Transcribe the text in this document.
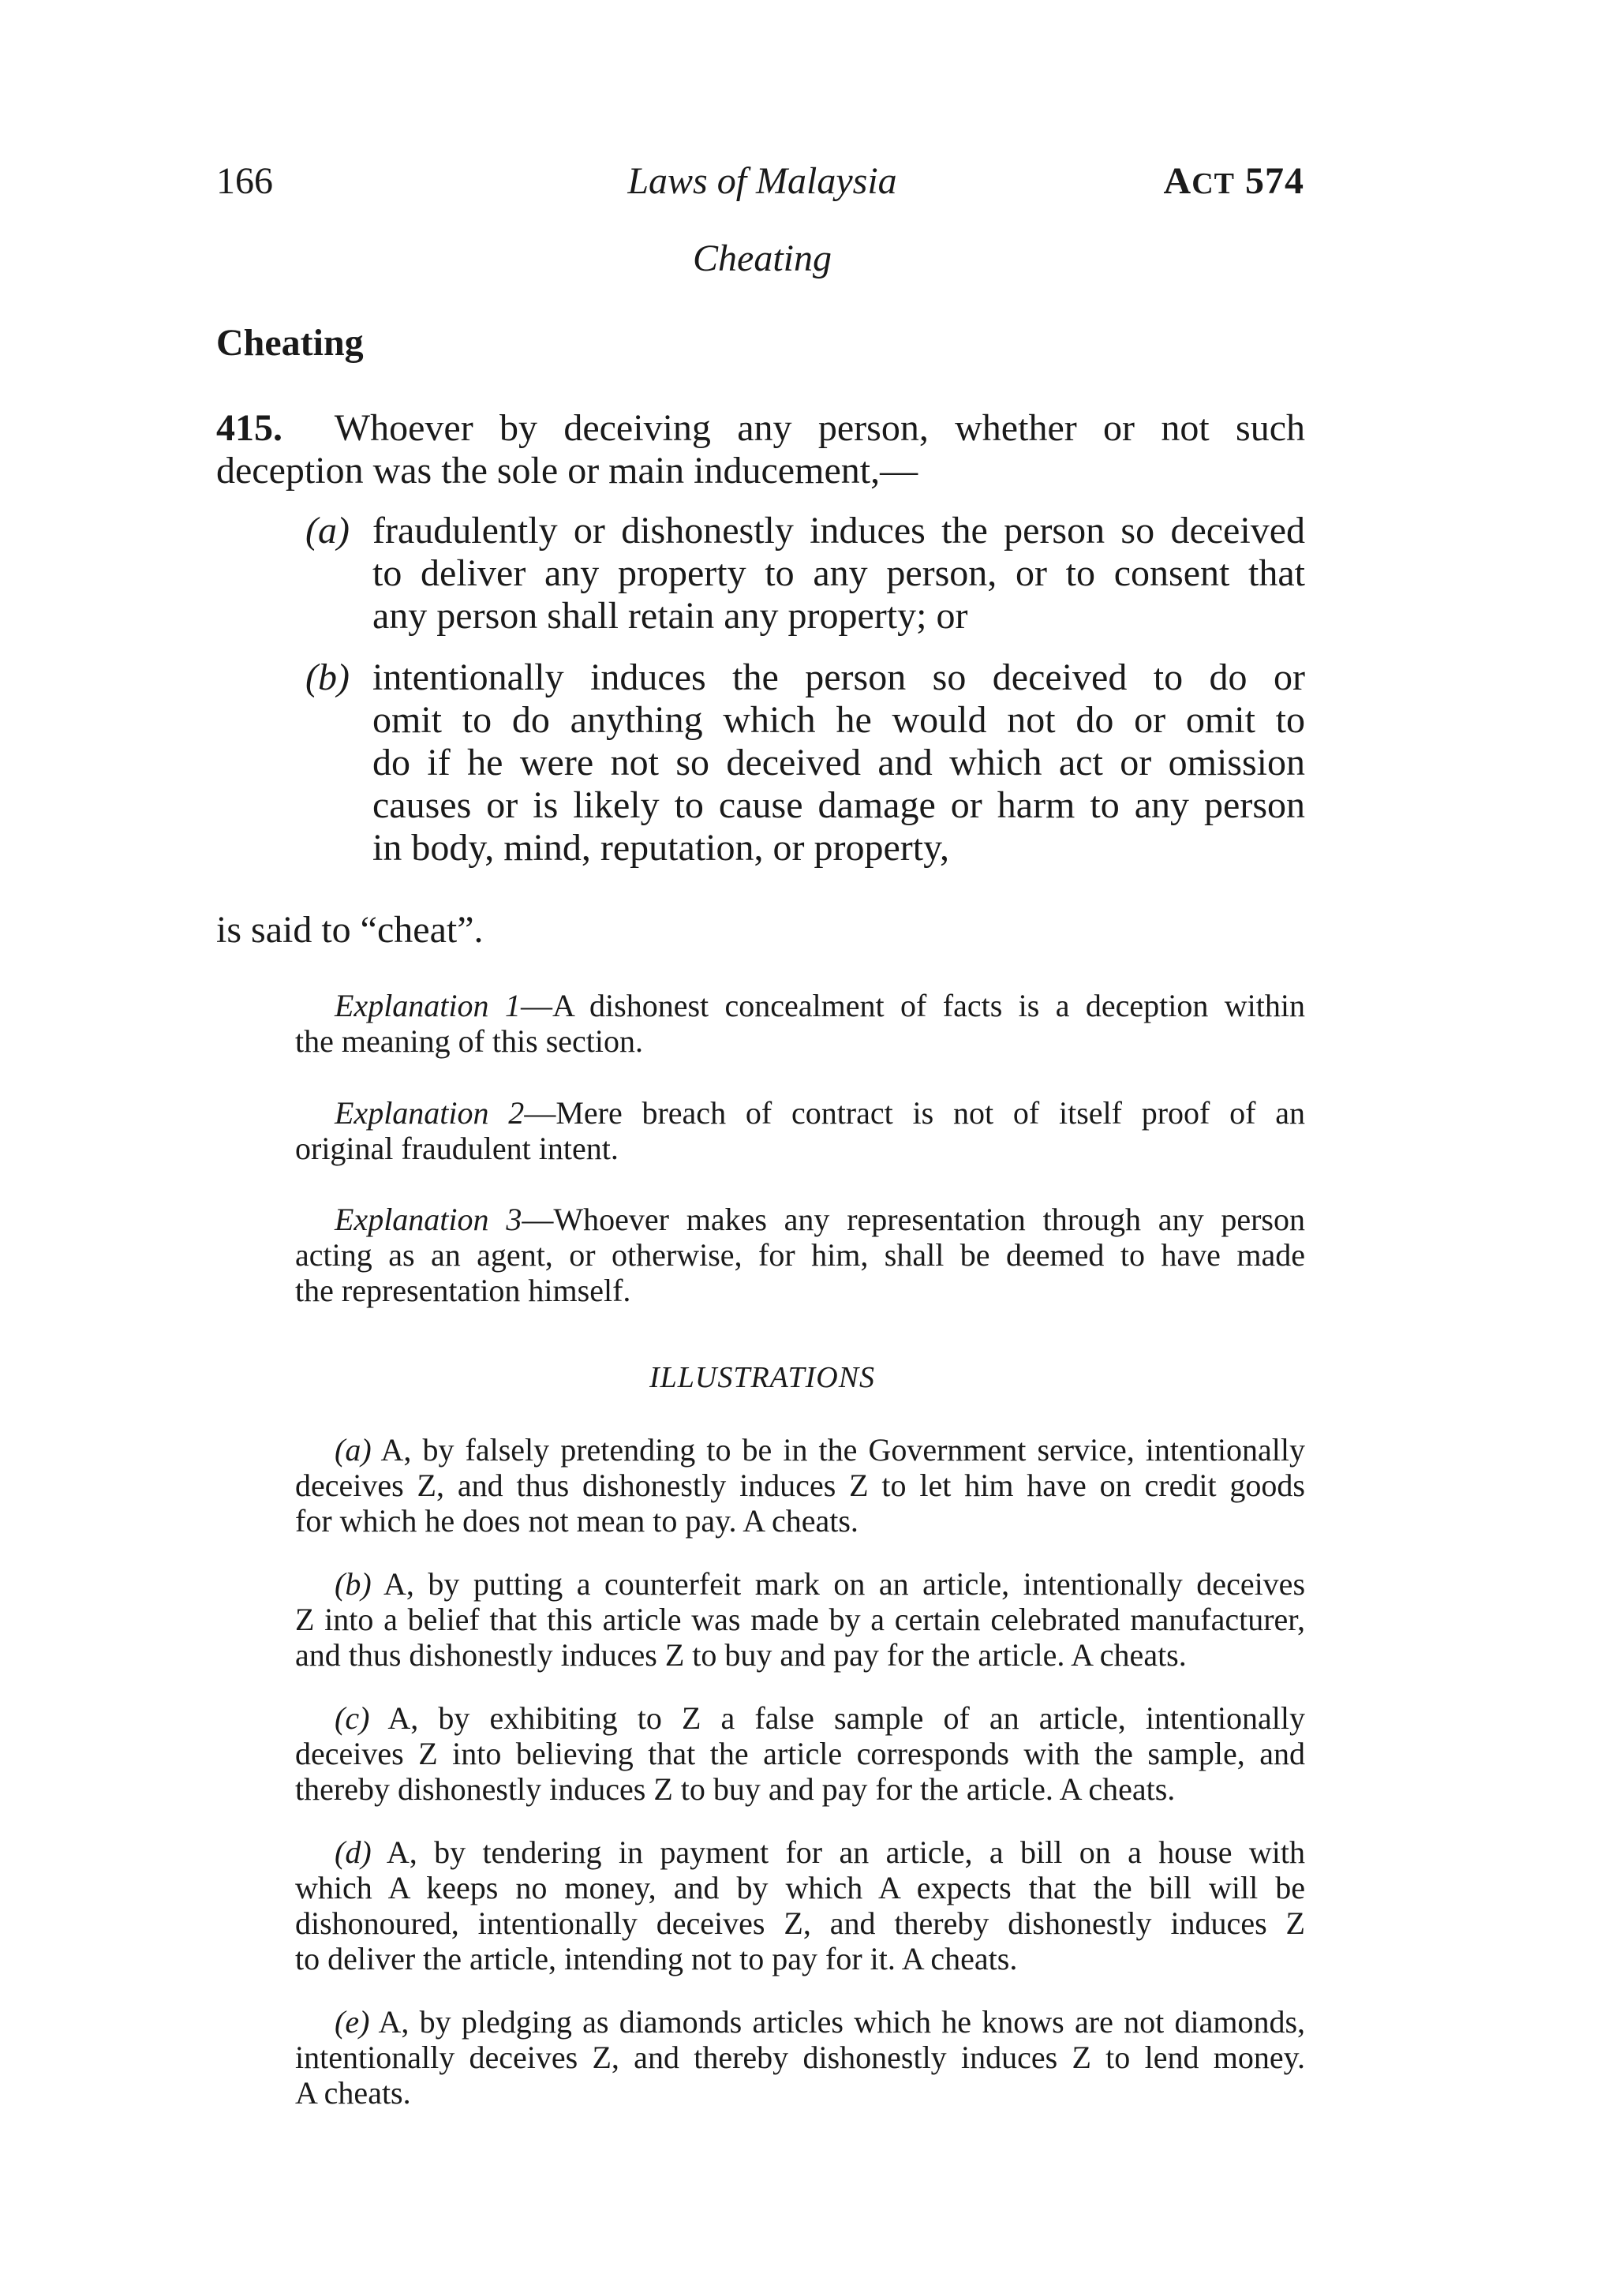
166	Laws of Malaysia	ACT 574
Cheating
Cheating
415. Whoever by deceiving any person, whether or not such
deception was the sole or main inducement,—
(a) fraudulently or dishonestly induces the person so deceived
to deliver any property to any person, or to consent that
any person shall retain any property; or
(b) intentionally induces the person so deceived to do or
omit to do anything which he would not do or omit to
do if he were not so deceived and which act or omission
causes or is likely to cause damage or harm to any person
in body, mind, reputation, or property,
is said to “cheat”.
Explanation 1—A dishonest concealment of facts is a deception within
the meaning of this section.
Explanation 2—Mere breach of contract is not of itself proof of an
original fraudulent intent.
Explanation 3—Whoever makes any representation through any person
acting as an agent, or otherwise, for him, shall be deemed to have made
the representation himself.
ILLUSTRATIONS
(a) A, by falsely pretending to be in the Government service, intentionally
deceives Z, and thus dishonestly induces Z to let him have on credit goods
for which he does not mean to pay. A cheats.
(b) A, by putting a counterfeit mark on an article, intentionally deceives
Z into a belief that this article was made by a certain celebrated manufacturer,
and thus dishonestly induces Z to buy and pay for the article. A cheats.
(c) A, by exhibiting to Z a false sample of an article, intentionally
deceives Z into believing that the article corresponds with the sample, and
thereby dishonestly induces Z to buy and pay for the article. A cheats.
(d) A, by tendering in payment for an article, a bill on a house with
which A keeps no money, and by which A expects that the bill will be
dishonoured, intentionally deceives Z, and thereby dishonestly induces Z
to deliver the article, intending not to pay for it. A cheats.
(e) A, by pledging as diamonds articles which he knows are not diamonds,
intentionally deceives Z, and thereby dishonestly induces Z to lend money.
A cheats.
